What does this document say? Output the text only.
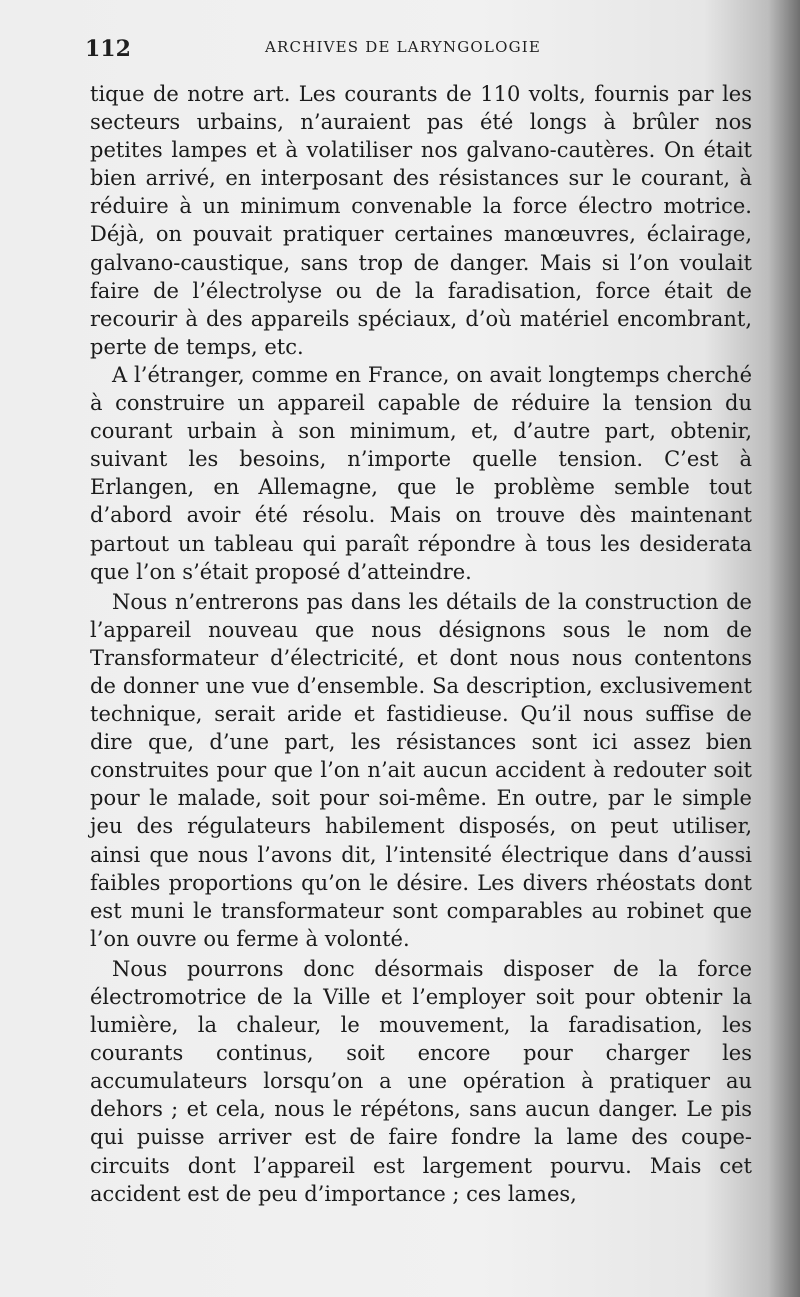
112	ARCHIVES DE LARYNGOLOGIE

tique de notre art. Les courants de 110 volts, fournis par les secteurs urbains, n’auraient pas été longs à brûler nos petites lampes et à volatiliser nos galvano-cautères. On était bien arrivé, en interposant des résistances sur le courant, à réduire à un minimum convenable la force électro motrice. Déjà, on pouvait pratiquer certaines manœuvres, éclairage, galvano-caustique, sans trop de danger. Mais si l’on voulait faire de l’électrolyse ou de la faradisation, force était de recourir à des appareils spéciaux, d’où matériel encombrant, perte de temps, etc.

A l’étranger, comme en France, on avait longtemps cherché à construire un appareil capable de réduire la tension du courant urbain à son minimum, et, d’autre part, obtenir, suivant les besoins, n’importe quelle tension. C’est à Erlangen, en Allemagne, que le problème semble tout d’abord avoir été résolu. Mais on trouve dès maintenant partout un tableau qui paraît répondre à tous les desiderata que l’on s’était proposé d’atteindre.

Nous n’entrerons pas dans les détails de la construction de l’appareil nouveau que nous désignons sous le nom de Transformateur d’électricité, et dont nous nous contentons de donner une vue d’ensemble. Sa description, exclusivement technique, serait aride et fastidieuse. Qu’il nous suffise de dire que, d’une part, les résistances sont ici assez bien construites pour que l’on n’ait aucun accident à redouter soit pour le malade, soit pour soi-même. En outre, par le simple jeu des régulateurs habilement disposés, on peut utiliser, ainsi que nous l’avons dit, l’intensité électrique dans d’aussi faibles proportions qu’on le désire. Les divers rhéostats dont est muni le transformateur sont comparables au robinet que l’on ouvre ou ferme à volonté.

Nous pourrons donc désormais disposer de la force électromotrice de la Ville et l’employer soit pour obtenir la lumière, la chaleur, le mouvement, la faradisation, les courants continus, soit encore pour charger les accumulateurs lorsqu’on a une opération à pratiquer au dehors ; et cela, nous le répétons, sans aucun danger. Le pis qui puisse arriver est de faire fondre la lame des coupe-circuits dont l’appareil est largement pourvu. Mais cet accident est de peu d’importance ; ces lames,
